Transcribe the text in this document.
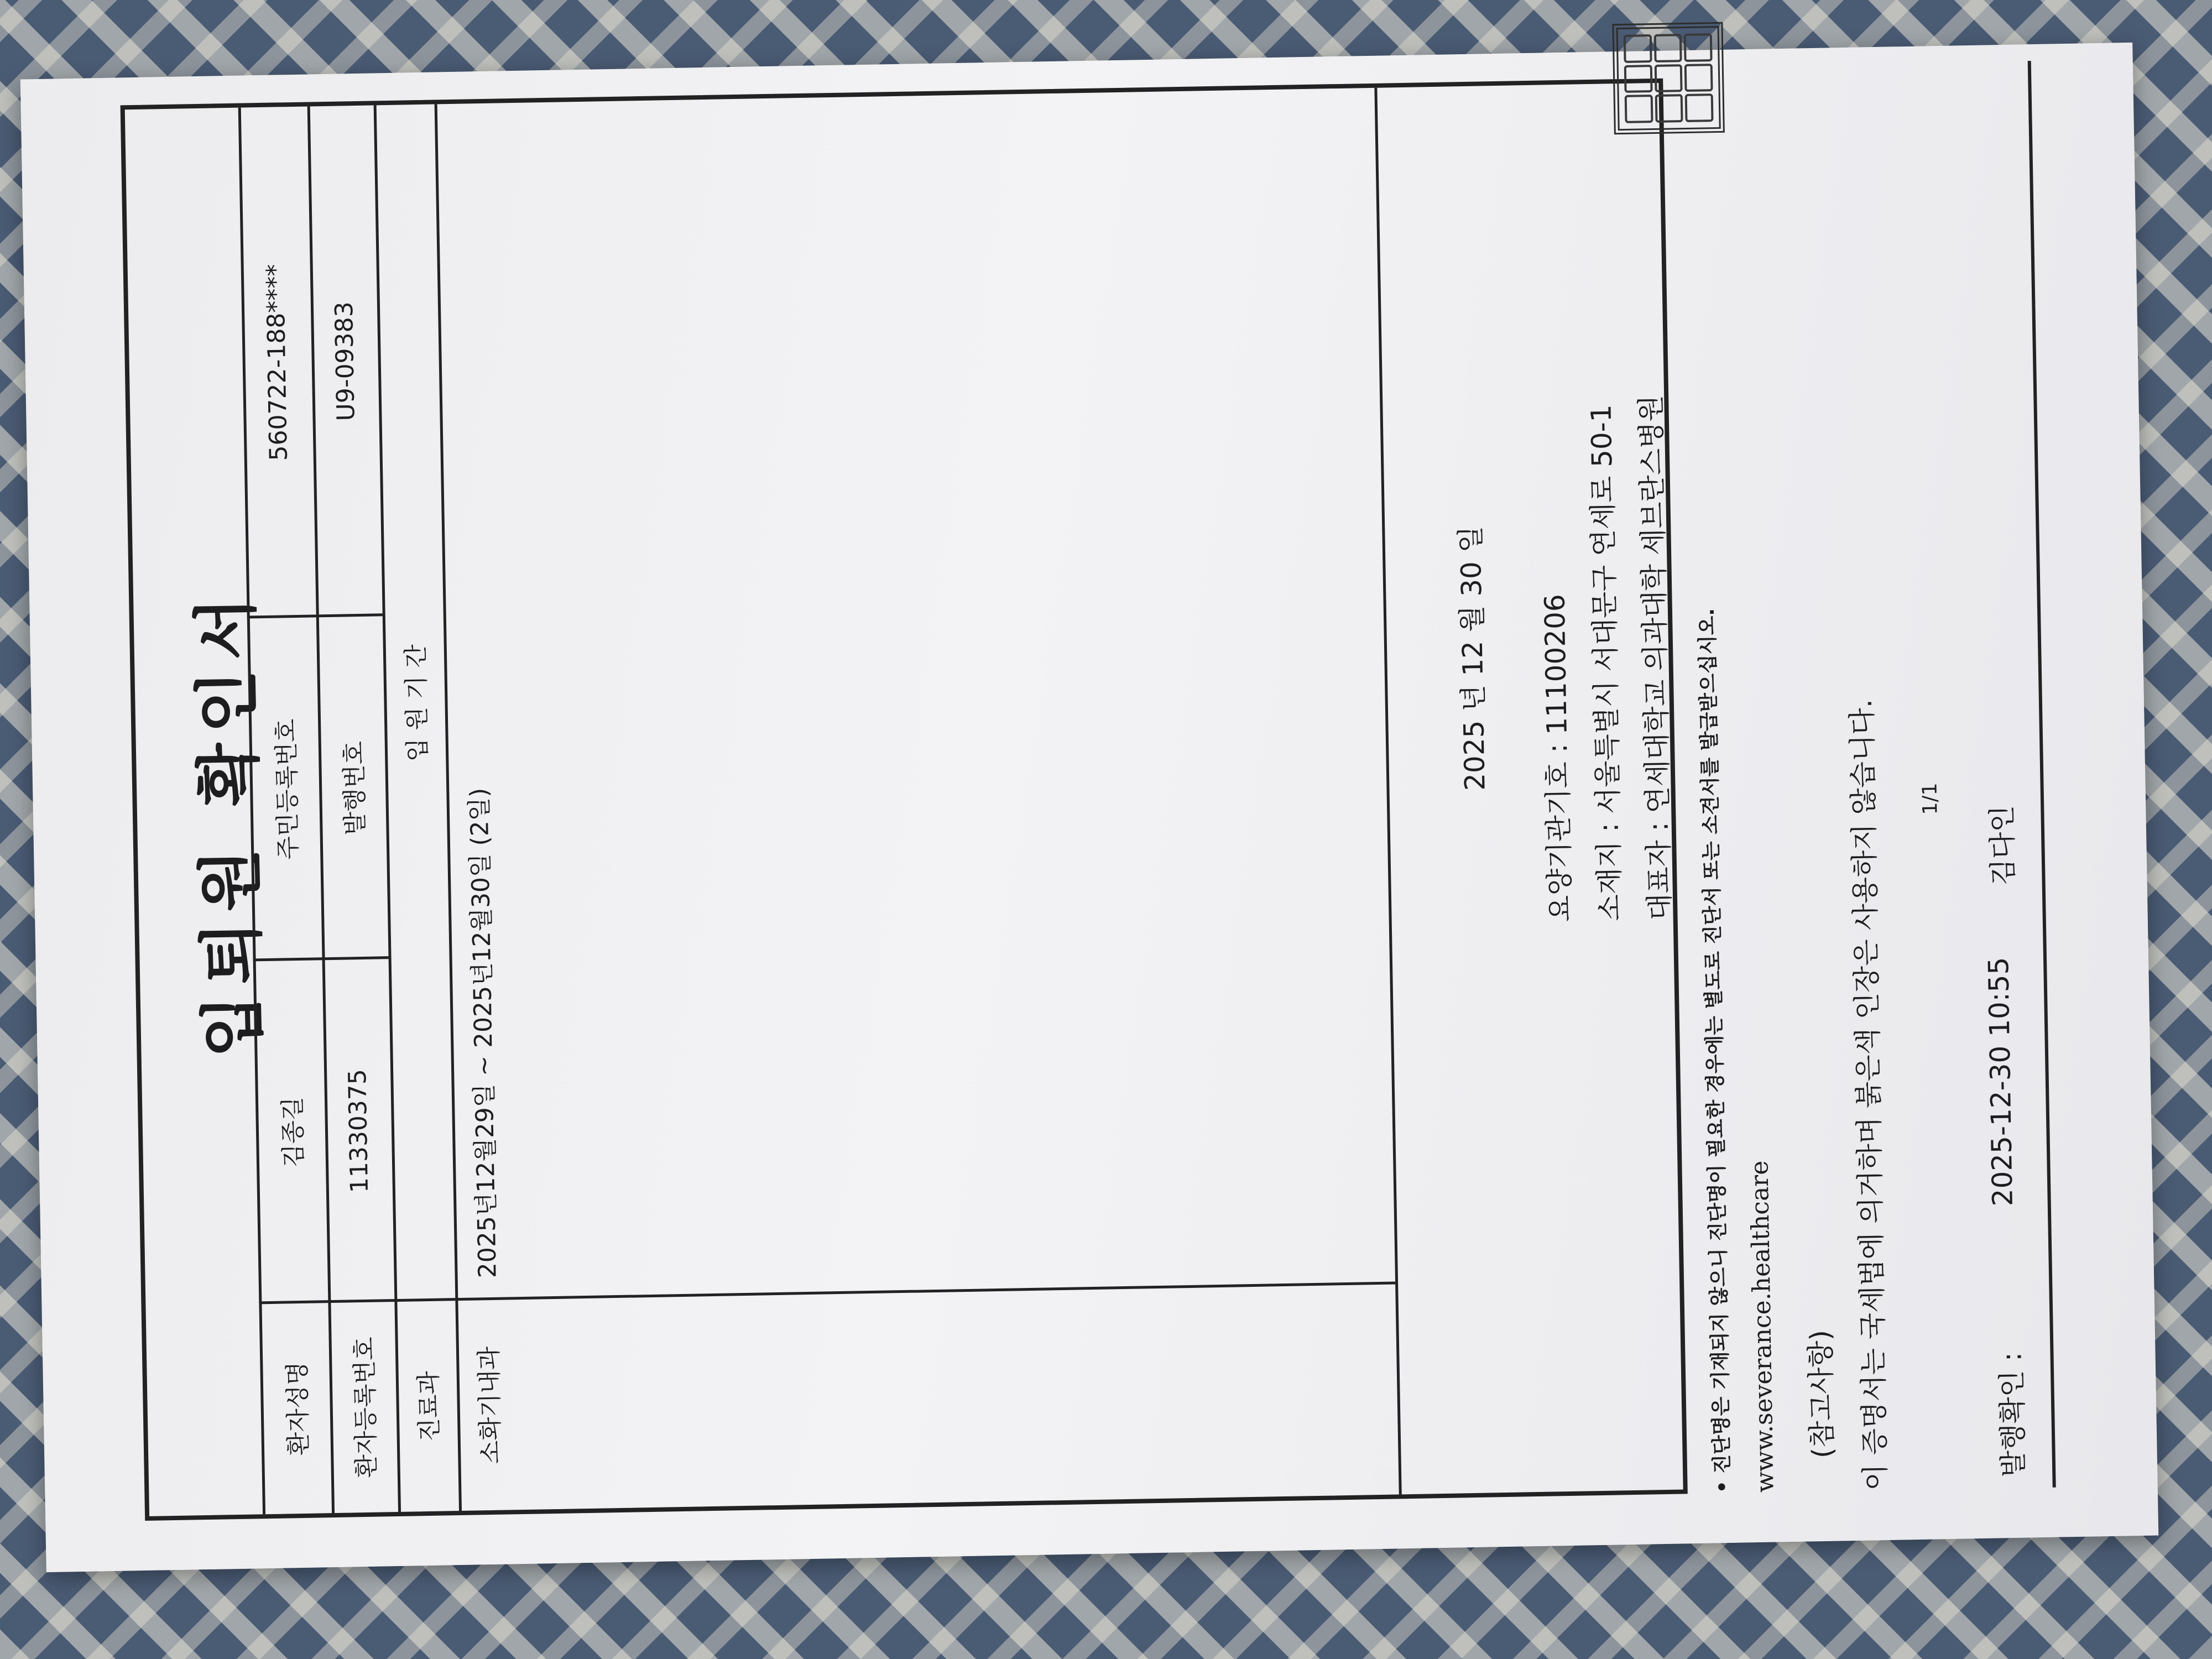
입퇴원 확인서
환자성명
김종길
주민등록번호
560722-188****
환자등록번호
11330375
발행번호
U9-09383
진료과
입 원 기 간
소화기내과
2025년12월29일 ~ 2025년12월30일 (2일)
2025 년 12 월 30 일 요양기관기호 : 11100206 소재지 : 서울특별시 서대문구 연세로 50-1 대표자 : 연세대학교 의과대학 세브란스병원 • 진단명은 기재되지 않으니 진단명이 필요한 경우에는 별도로 진단서 또는 소견서를 발급받으십시오. www.severance.healthcare (참고사항) 이 증명서는 국세법에 의거하며 붉은색 인장은 사용하지 않습니다. 1/1
발행확인 :
2025-12-30 10:55
김다인
